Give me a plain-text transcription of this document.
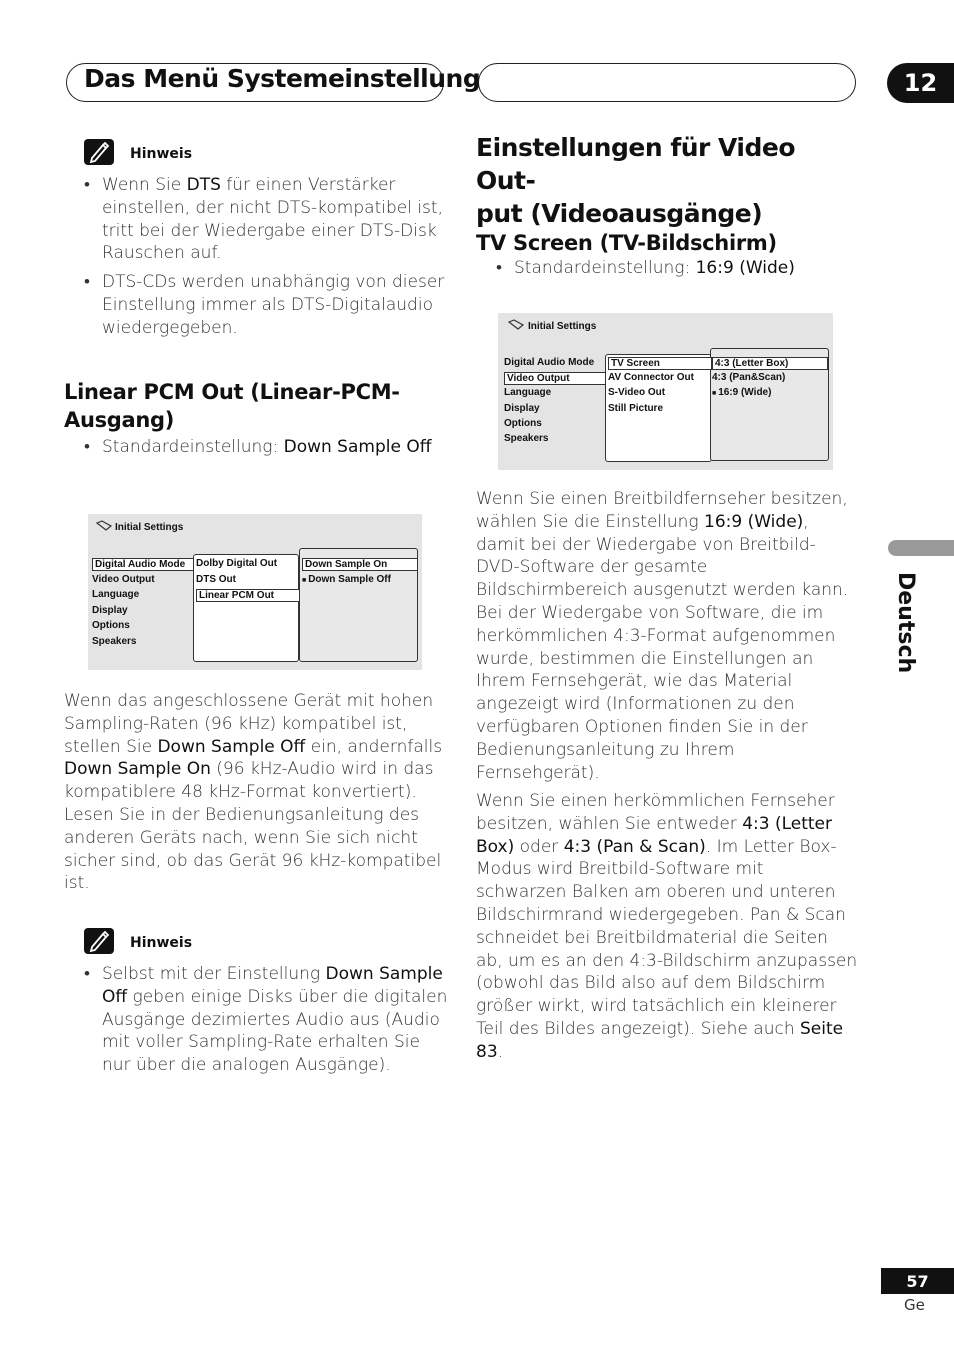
Das Menü Systemeinstellung	12
Hinweis
• Wenn Sie DTS für einen Verstärker einstellen, der nicht DTS-kompatibel ist, tritt bei der Wiedergabe einer DTS-Disk Rauschen auf.
• DTS-CDs werden unabhängig von dieser Einstellung immer als DTS-Digitalaudio wiedergegeben.
Linear PCM Out (Linear-PCM-
Ausgang)
• Standardeinstellung: Down Sample Off
Initial Settings
Digital Audio Mode
Video Output
Language
Display
Options
Speakers
Dolby Digital Out
DTS Out
Linear PCM Out
Down Sample On
■ Down Sample Off
Wenn das angeschlossene Gerät mit hohen Sampling-Raten (96 kHz) kompatibel ist, stellen Sie Down Sample Off ein, andernfalls Down Sample On (96 kHz-Audio wird in das kompatiblere 48 kHz-Format konvertiert). Lesen Sie in der Bedienungsanleitung des anderen Geräts nach, wenn Sie sich nicht sicher sind, ob das Gerät 96 kHz-kompatibel ist.
Hinweis
• Selbst mit der Einstellung Down Sample Off geben einige Disks über die digitalen Ausgänge dezimiertes Audio aus (Audio mit voller Sampling-Rate erhalten Sie nur über die analogen Ausgänge).
Einstellungen für Video Out-
put (Videoausgänge)
TV Screen (TV-Bildschirm)
• Standardeinstellung: 16:9 (Wide)
Initial Settings
Digital Audio Mode
Video Output
Language
Display
Options
Speakers
TV Screen
AV Connector Out
S-Video Out
Still Picture
4:3 (Letter Box)
4:3 (Pan&Scan)
■ 16:9 (Wide)
Wenn Sie einen Breitbildfernseher besitzen, wählen Sie die Einstellung 16:9 (Wide), damit bei der Wiedergabe von Breitbild-DVD-Software der gesamte Bildschirmbereich ausgenutzt werden kann. Bei der Wiedergabe von Software, die im herkömmlichen 4:3-Format aufgenommen wurde, bestimmen die Einstellungen an Ihrem Fernsehgerät, wie das Material angezeigt wird (Informationen zu den verfügbaren Optionen finden Sie in der Bedienungsanleitung zu Ihrem Fernsehgerät).
Wenn Sie einen herkömmlichen Fernseher besitzen, wählen Sie entweder 4:3 (Letter Box) oder 4:3 (Pan & Scan). Im Letter Box-Modus wird Breitbild-Software mit schwarzen Balken am oberen und unteren Bildschirmrand wiedergegeben. Pan & Scan schneidet bei Breitbildmaterial die Seiten ab, um es an den 4:3-Bildschirm anzupassen (obwohl das Bild also auf dem Bildschirm größer wirkt, wird tatsächlich ein kleinerer Teil des Bildes angezeigt). Siehe auch Seite 83.
Deutsch
57
Ge
